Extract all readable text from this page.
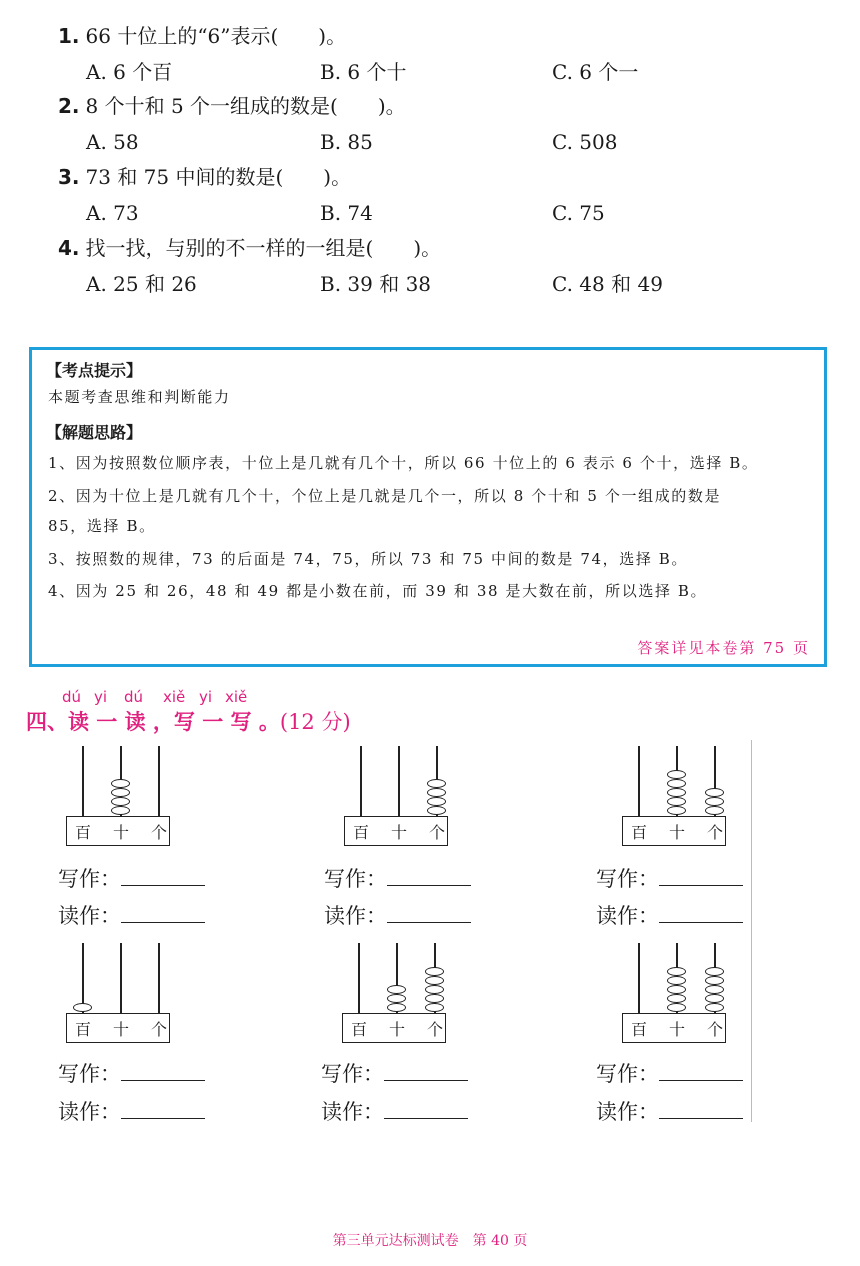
1. 66 十位上的“6”表示(　　)。
A. 6 个百	B. 6 个十	C. 6 个一
2. 8 个十和 5 个一组成的数是(　　)。
A. 58	B. 85	C. 508
3. 73 和 75 中间的数是(　　)。
A. 73	B. 74	C. 75
4. 找一找，与别的不一样的一组是(　　)。
A. 25 和 26	B. 39 和 38	C. 48 和 49
【考点提示】
本题考查思维和判断能力
【解题思路】
1、因为按照数位顺序表，十位上是几就有几个十，所以 66 十位上的 6 表示 6 个十，选择 B。
2、因为十位上是几就有几个十，个位上是几就是几个一，所以 8 个十和 5 个一组成的数是
85，选择 B。
3、按照数的规律，73 的后面是 74，75，所以 73 和 75 中间的数是 74，选择 B。
4、因为 25 和 26，48 和 49 都是小数在前，而 39 和 38 是大数在前，所以选择 B。
答案详见本卷第 75 页
dú yi dú xiě yi xiě
四、读 一 读 ，写 一 写 。(12 分)
百 十 个
写作：
读作：
百 十 个
写作：
读作：
百 十 个
写作：
读作：
百 十 个
写作：
读作：
百 十 个
写作：
读作：
百 十 个
写作：
读作：
第三单元达标测试卷　第 40 页
